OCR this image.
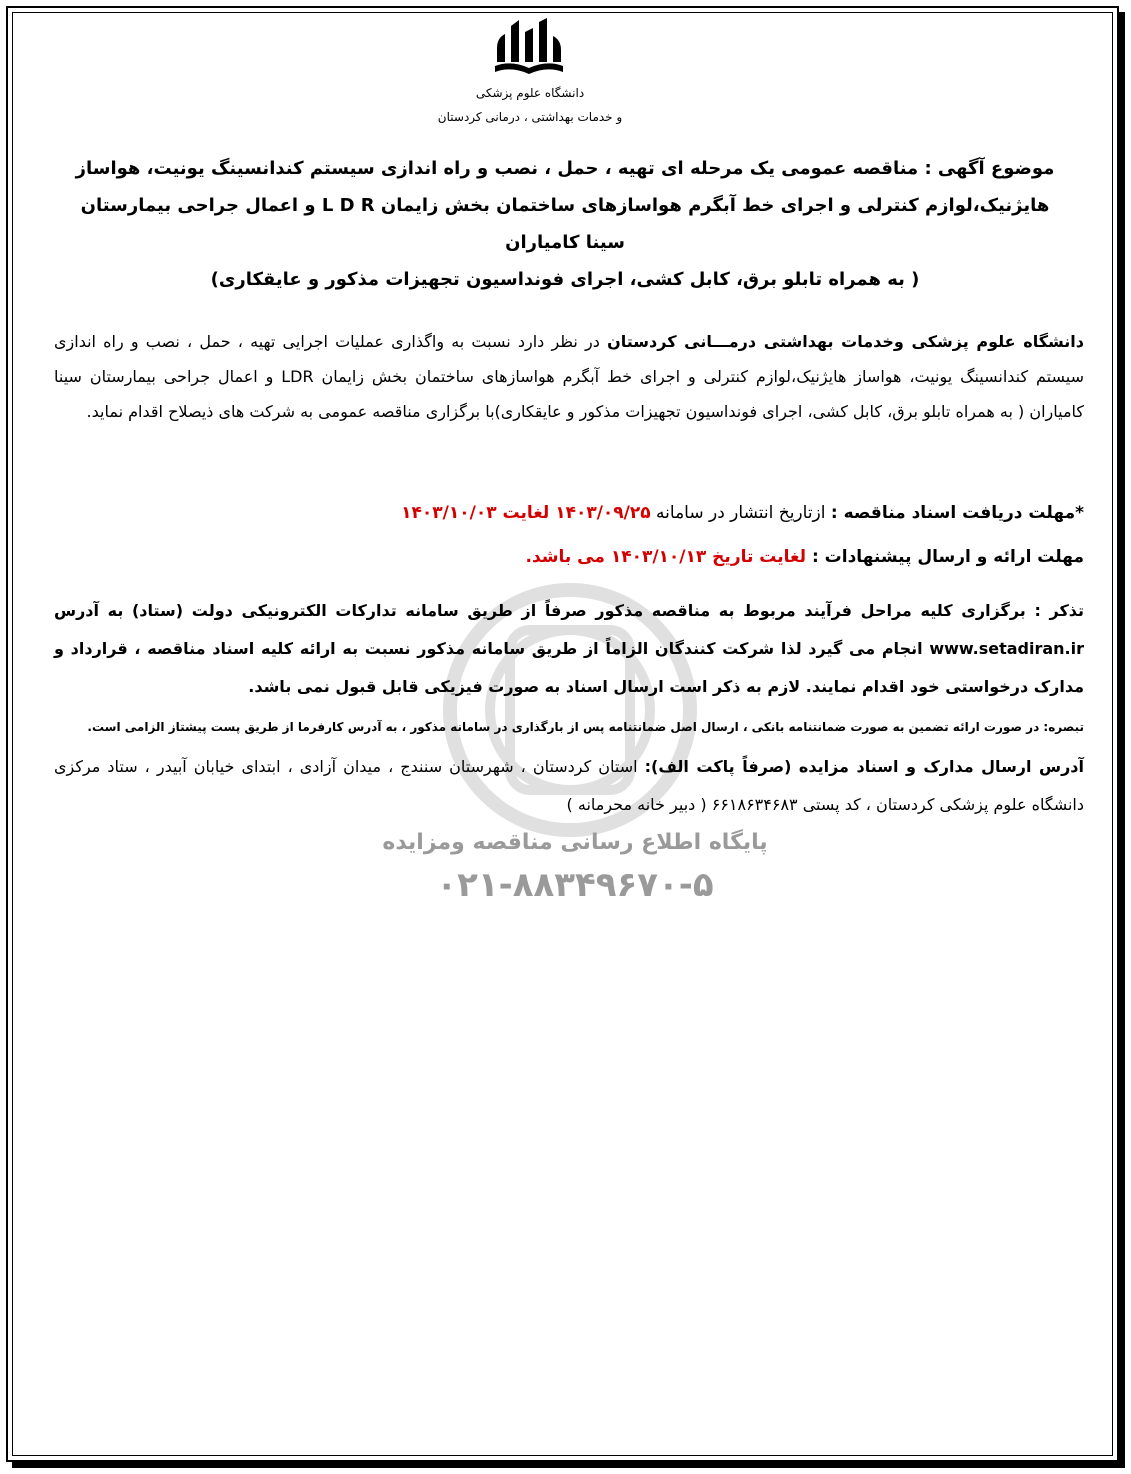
دانشگاه علوم پزشکی
و خدمات بهداشتی ، درمانی کردستان
موضوع آگهی : مناقصه عمومی یک مرحله ای تهیه ، حمل ، نصب و راه اندازی سیستم کندانسینگ یونیت، هواساز
هایژنیک،لوازم کنترلی و اجرای خط آبگرم هواسازهای ساختمان بخش زایمان L D R و اعمال جراحی بیمارستان سینا کامیاران
( به همراه تابلو برق، کابل کشی، اجرای فونداسیون تجهیزات مذکور و عایقکاری)
پایگاه اطلاع رسانی مناقصه ومزایده
۰۲۱-۸۸۳۴۹۶۷۰-۵
دانشگاه علوم پزشکی وخدمات بهداشتی درمـــانی کردستان در نظر دارد نسبت به واگذاری عملیات اجرایی تهیه ، حمل ، نصب و راه اندازی سیستم کندانسینگ یونیت، هواساز هایژنیک،لوازم کنترلی و اجرای خط آبگرم هواسازهای ساختمان بخش زایمان LDR و اعمال جراحی بیمارستان سینا کامیاران ( به همراه تابلو برق، کابل کشی، اجرای فونداسیون تجهیزات مذکور و عایقکاری)با برگزاری مناقصه عمومی به شرکت های ذیصلاح اقدام نماید.
*مهلت دریافت اسناد مناقصه : ازتاریخ انتشار در سامانه ۱۴۰۳/۰۹/۲۵ لغایت ۱۴۰۳/۱۰/۰۳
مهلت ارائه و ارسال پیشنهادات : لغایت تاریخ ۱۴۰۳/۱۰/۱۳ می باشد.
تذکر : برگزاری کلیه مراحل فرآیند مربوط به مناقصه مذکور صرفاً از طریق سامانه تدارکات الکترونیکی دولت (ستاد) به آدرس www.setadiran.ir انجام می گیرد لذا شرکت کنندگان الزاماً از طریق سامانه مذکور نسبت به ارائه کلیه اسناد مناقصه ، قرارداد و مدارک درخواستی خود اقدام نمایند. لازم به ذکر است ارسال اسناد به صورت فیزیکی قابل قبول نمی باشد.
تبصره: در صورت ارائه تضمین به صورت ضمانتنامه بانکی ، ارسال اصل ضمانتنامه پس از بارگذاری در سامانه مذکور ، به آدرس کارفرما از طریق پست پیشتاز الزامی است.
آدرس ارسال مدارک و اسناد مزایده (صرفاً پاکت الف): استان کردستان ، شهرستان سنندج ، میدان آزادی ، ابتدای خیابان آبیدر ، ستاد مرکزی دانشگاه علوم پزشکی کردستان ، کد پستی ۶۶۱۸۶۳۴۶۸۳ ( دبیر خانه محرمانه )
